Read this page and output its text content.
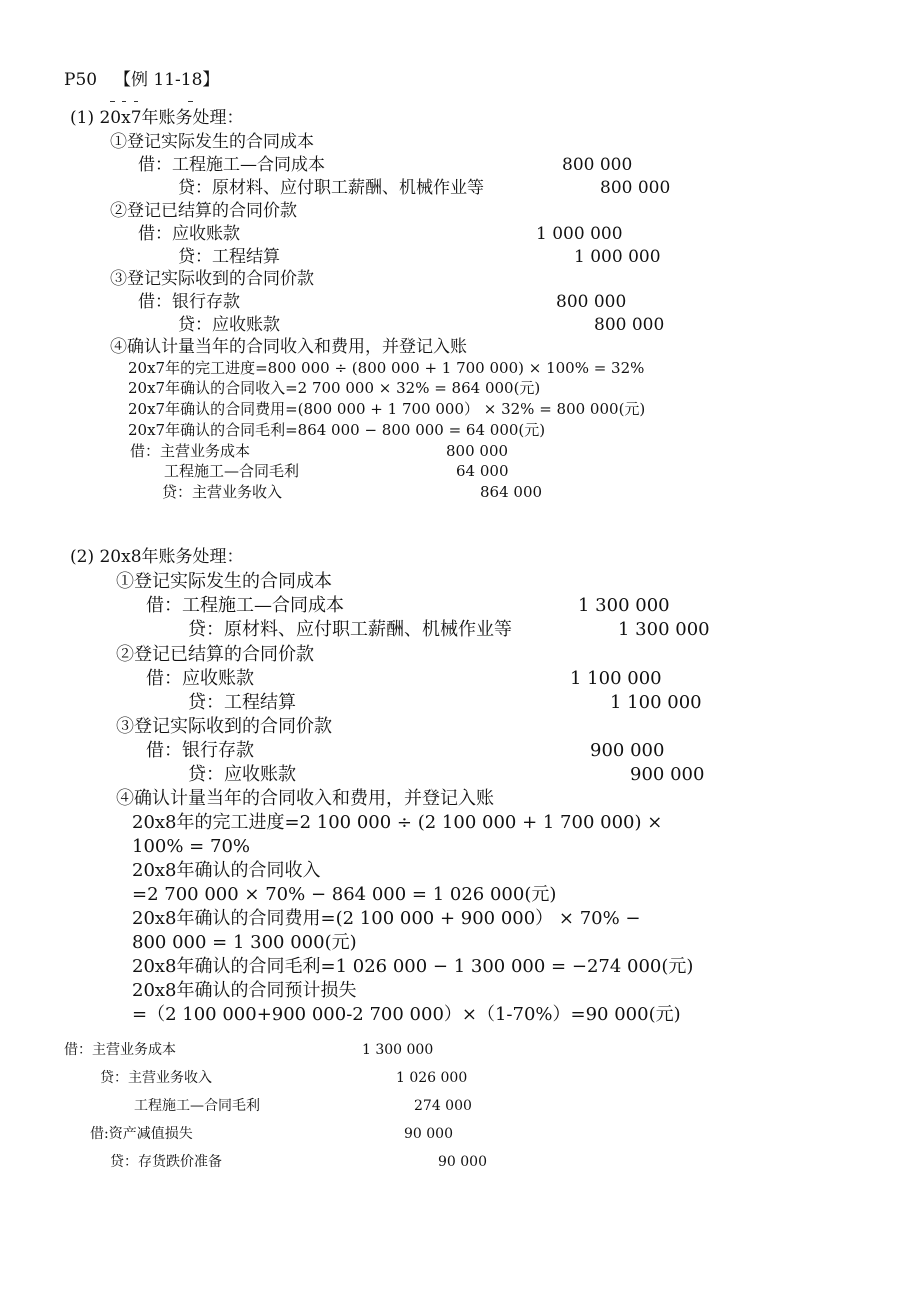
P50 【例 11-18】
(1) 20x7年账务处理：
①登记实际发生的合同成本
借：工程施工—合同成本	800 000
贷：原材料、应付职工薪酬、机械作业等	800 000
②登记已结算的合同价款
借：应收账款	1 000 000
贷：工程结算	1 000 000
③登记实际收到的合同价款
借：银行存款	800 000
贷：应收账款	800 000
④确认计量当年的合同收入和费用，并登记入账
20x7年的完工进度=800 000 ÷ (800 000 + 1 700 000) × 100% = 32%
20x7年确认的合同收入=2 700 000 × 32% = 864 000(元)
20x7年确认的合同费用=(800 000 + 1 700 000） × 32% = 800 000(元)
20x7年确认的合同毛利=864 000 − 800 000 = 64 000(元)
借：主营业务成本	800 000
工程施工—合同毛利	64 000
贷：主营业务收入	864 000
(2) 20x8年账务处理：
①登记实际发生的合同成本
借：工程施工—合同成本	1 300 000
贷：原材料、应付职工薪酬、机械作业等	1 300 000
②登记已结算的合同价款
借：应收账款	1 100 000
贷：工程结算	1 100 000
③登记实际收到的合同价款
借：银行存款	900 000
贷：应收账款	900 000
④确认计量当年的合同收入和费用，并登记入账
20x8年的完工进度=2 100 000 ÷ (2 100 000 + 1 700 000) ×
100% = 70%
20x8年确认的合同收入
=2 700 000 × 70% − 864 000 = 1 026 000(元)
20x8年确认的合同费用=(2 100 000 + 900 000） × 70% −
800 000 = 1 300 000(元)
20x8年确认的合同毛利=1 026 000 − 1 300 000 = −274 000(元)
20x8年确认的合同预计损失
=（2 100 000+900 000-2 700 000）×（1-70%）=90 000(元)
借：主营业务成本	1 300 000
贷：主营业务收入	1 026 000
工程施工—合同毛利	274 000
借:资产减值损失	90 000
贷：存货跌价准备	90 000
